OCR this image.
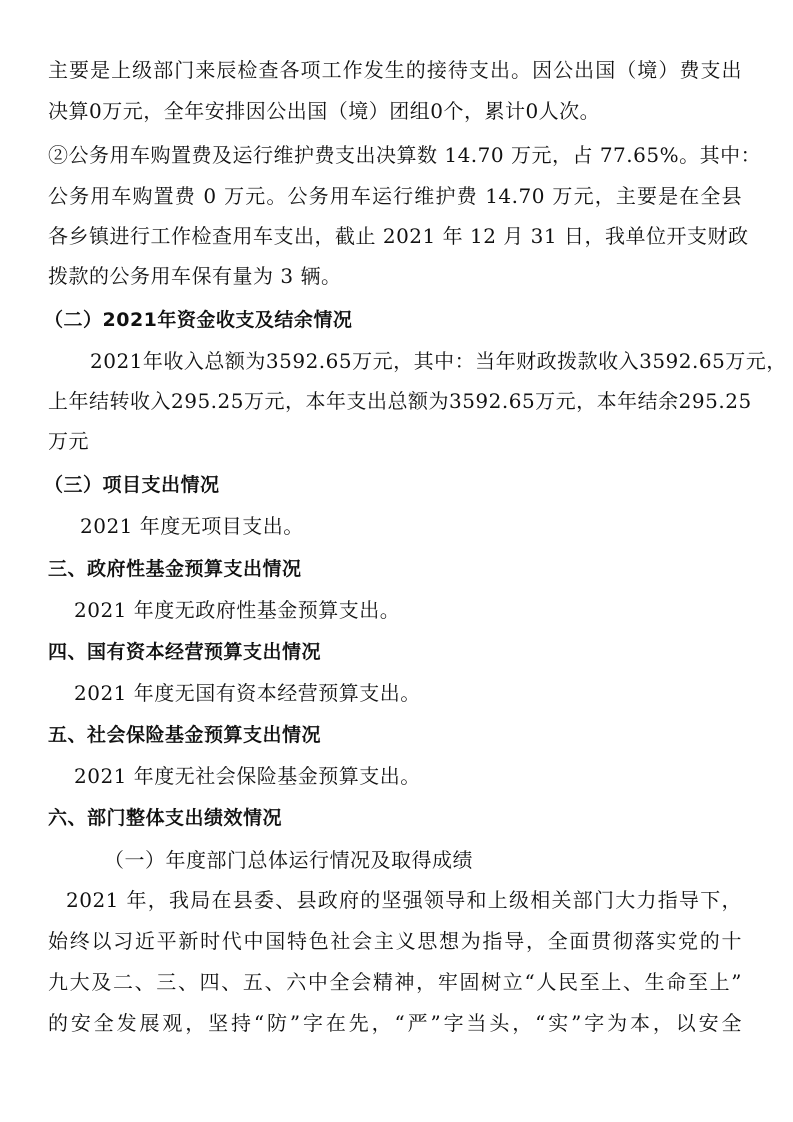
主要是上级部门来辰检查各项工作发生的接待支出。因公出国（境）费支出
决算0万元，全年安排因公出国（境）团组0个，累计0人次。
②公务用车购置费及运行维护费支出决算数 14.70 万元，占 77.65%。其中：
公务用车购置费 0 万元。公务用车运行维护费 14.70 万元，主要是在全县
各乡镇进行工作检查用车支出，截止 2021 年 12 月 31 日，我单位开支财政
拨款的公务用车保有量为 3 辆。
（二）2021年资金收支及结余情况
2021年收入总额为3592.65万元，其中：当年财政拨款收入3592.65万元，
上年结转收入295.25万元，本年支出总额为3592.65万元，本年结余295.25
万元
（三）项目支出情况
2021 年度无项目支出。
三、政府性基金预算支出情况
2021 年度无政府性基金预算支出。
四、国有资本经营预算支出情况
2021 年度无国有资本经营预算支出。
五、社会保险基金预算支出情况
2021 年度无社会保险基金预算支出。
六、部门整体支出绩效情况
（一）年度部门总体运行情况及取得成绩
2021 年，我局在县委、县政府的坚强领导和上级相关部门大力指导下，
始终以习近平新时代中国特色社会主义思想为指导，全面贯彻落实党的十
九大及二、三、四、五、六中全会精神，牢固树立“人民至上、生命至上”
的安全发展观，坚持“防”字在先，“严”字当头，“实”字为本，以安全
